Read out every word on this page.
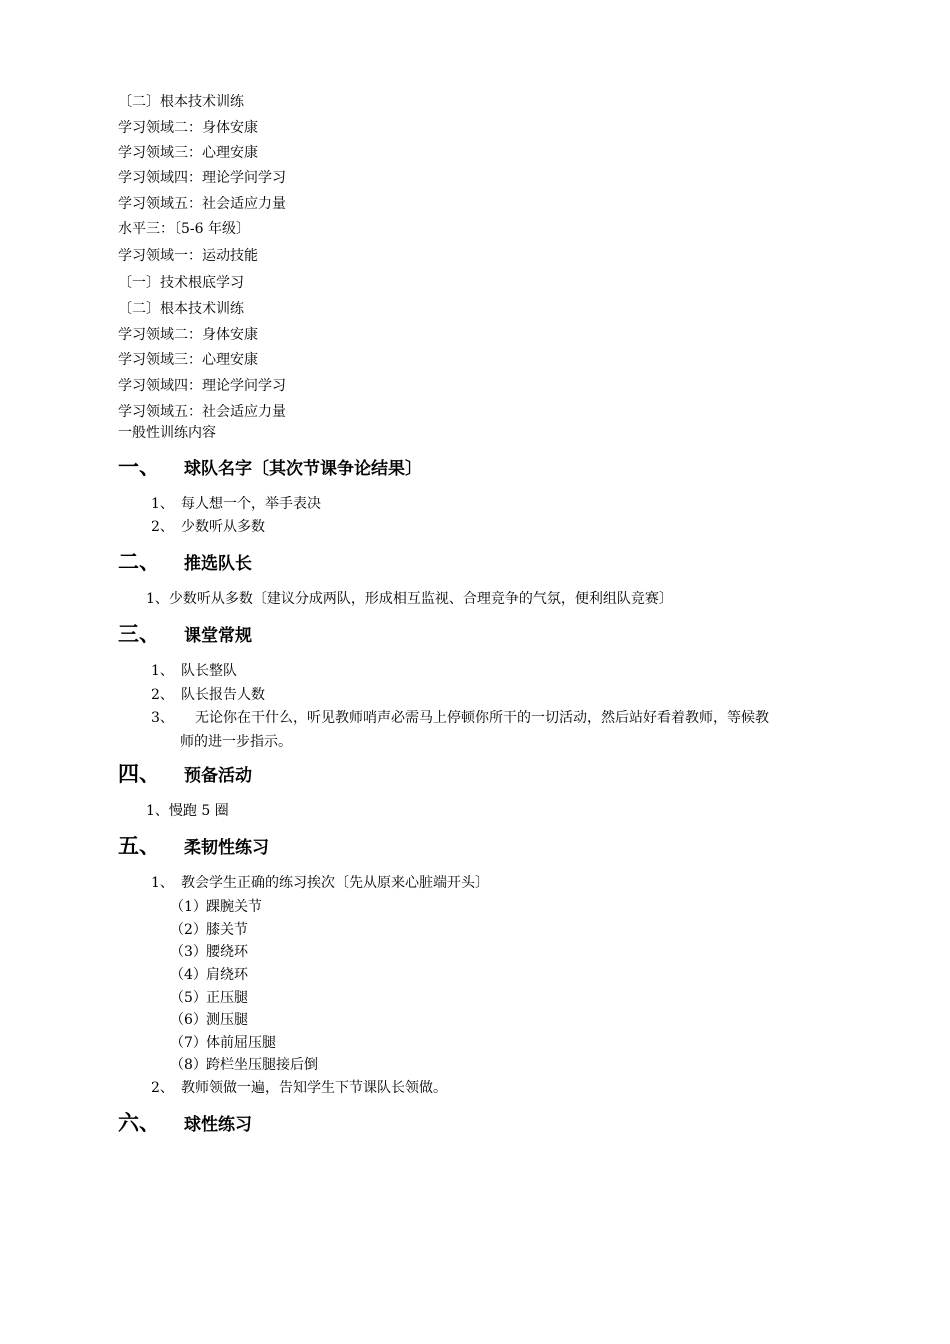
〔二〕根本技术训练
学习领域二：身体安康
学习领域三：心理安康
学习领域四：理论学问学习
学习领域五：社会适应力量
水平三：〔5-6 年级〕
学习领域一：运动技能
〔一〕技术根底学习
〔二〕根本技术训练
学习领域二：身体安康
学习领域三：心理安康
学习领域四：理论学问学习
学习领域五：社会适应力量
一般性训练内容
一、 球队名字〔其次节课争论结果〕
1、 每人想一个，举手表决
2、 少数听从多数
二、 推选队长
1、少数听从多数〔建议分成两队，形成相互监视、合理竞争的气氛，便利组队竞赛〕
三、 课堂常规
1、 队长整队
2、 队长报告人数
3、 无论你在干什么，听见教师哨声必需马上停顿你所干的一切活动，然后站好看着教师，等候教
师的进一步指示。
四、 预备活动
1、慢跑 5 圈
五、 柔韧性练习
1、 教会学生正确的练习挨次〔先从原来心脏端开头〕
（1）踝腕关节
（2）膝关节
（3）腰绕环
（4）肩绕环
（5）正压腿
（6）测压腿
（7）体前屈压腿
（8）跨栏坐压腿接后倒
2、 教师领做一遍，告知学生下节课队长领做。
六、 球性练习
